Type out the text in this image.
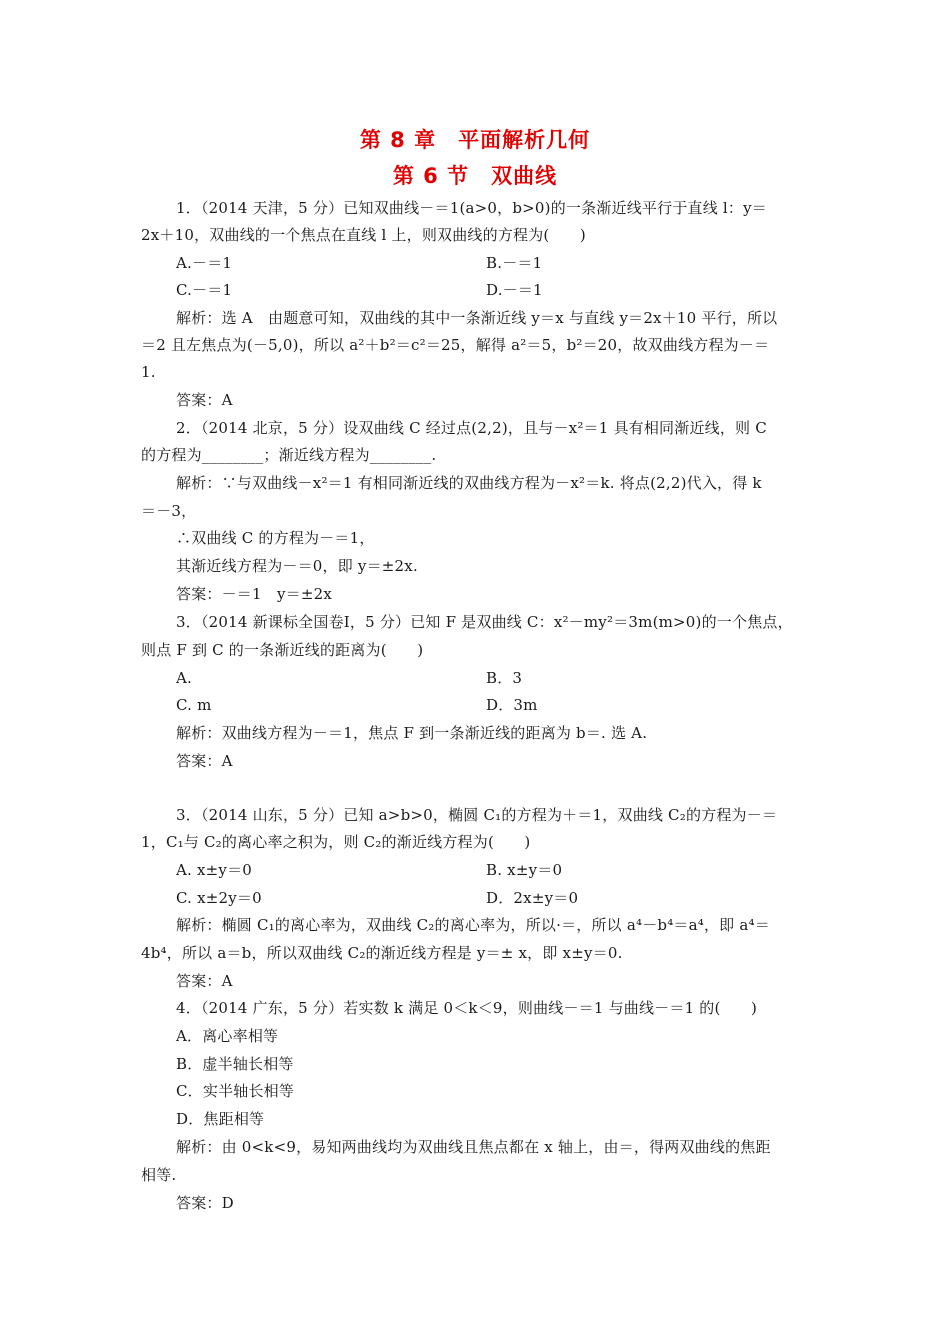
第 8 章　平面解析几何
第 6 节　双曲线
1．（2014 天津，5 分）已知双曲线－＝1(a>0，b>0)的一条渐近线平行于直线 l：y＝
2x＋10，双曲线的一个焦点在直线 l 上，则双曲线的方程为(　　)
A.－＝1	B.－＝1
C.－＝1	D.－＝1
解析：选 A　由题意可知，双曲线的其中一条渐近线 y＝x 与直线 y＝2x＋10 平行，所以
＝2 且左焦点为(－5,0)，所以 a²＋b²＝c²＝25，解得 a²＝5，b²＝20，故双曲线方程为－＝
1.
答案：A
2．（2014 北京，5 分）设双曲线 C 经过点(2,2)，且与－x²＝1 具有相同渐近线，则 C
的方程为________；渐近线方程为________.
解析：∵与双曲线－x²＝1 有相同渐近线的双曲线方程为－x²＝k. 将点(2,2)代入，得 k
＝－3，
∴双曲线 C 的方程为－＝1，
其渐近线方程为－＝0，即 y＝±2x.
答案：－＝1　y＝±2x
3．（2014 新课标全国卷Ⅰ，5 分）已知 F 是双曲线 C：x²－my²＝3m(m>0)的一个焦点，
则点 F 到 C 的一条渐近线的距离为(　　)
A.	B．3
C. m	D．3m
解析：双曲线方程为－＝1，焦点 F 到一条渐近线的距离为 b＝. 选 A.
答案：A
3．（2014 山东，5 分）已知 a>b>0，椭圆 C₁的方程为＋＝1，双曲线 C₂的方程为－＝
1，C₁与 C₂的离心率之积为，则 C₂的渐近线方程为(　　)
A. x±y＝0	B. x±y＝0
C. x±2y＝0	D．2x±y＝0
解析：椭圆 C₁的离心率为，双曲线 C₂的离心率为，所以·＝，所以 a⁴－b⁴＝a⁴，即 a⁴＝
4b⁴，所以 a＝b，所以双曲线 C₂的渐近线方程是 y＝± x，即 x±y＝0.
答案：A
4．（2014 广东，5 分）若实数 k 满足 0＜k＜9，则曲线－＝1 与曲线－＝1 的(　　)
A．离心率相等
B．虚半轴长相等
C．实半轴长相等
D．焦距相等
解析：由 0<k<9，易知两曲线均为双曲线且焦点都在 x 轴上，由＝，得两双曲线的焦距
相等.
答案：D
